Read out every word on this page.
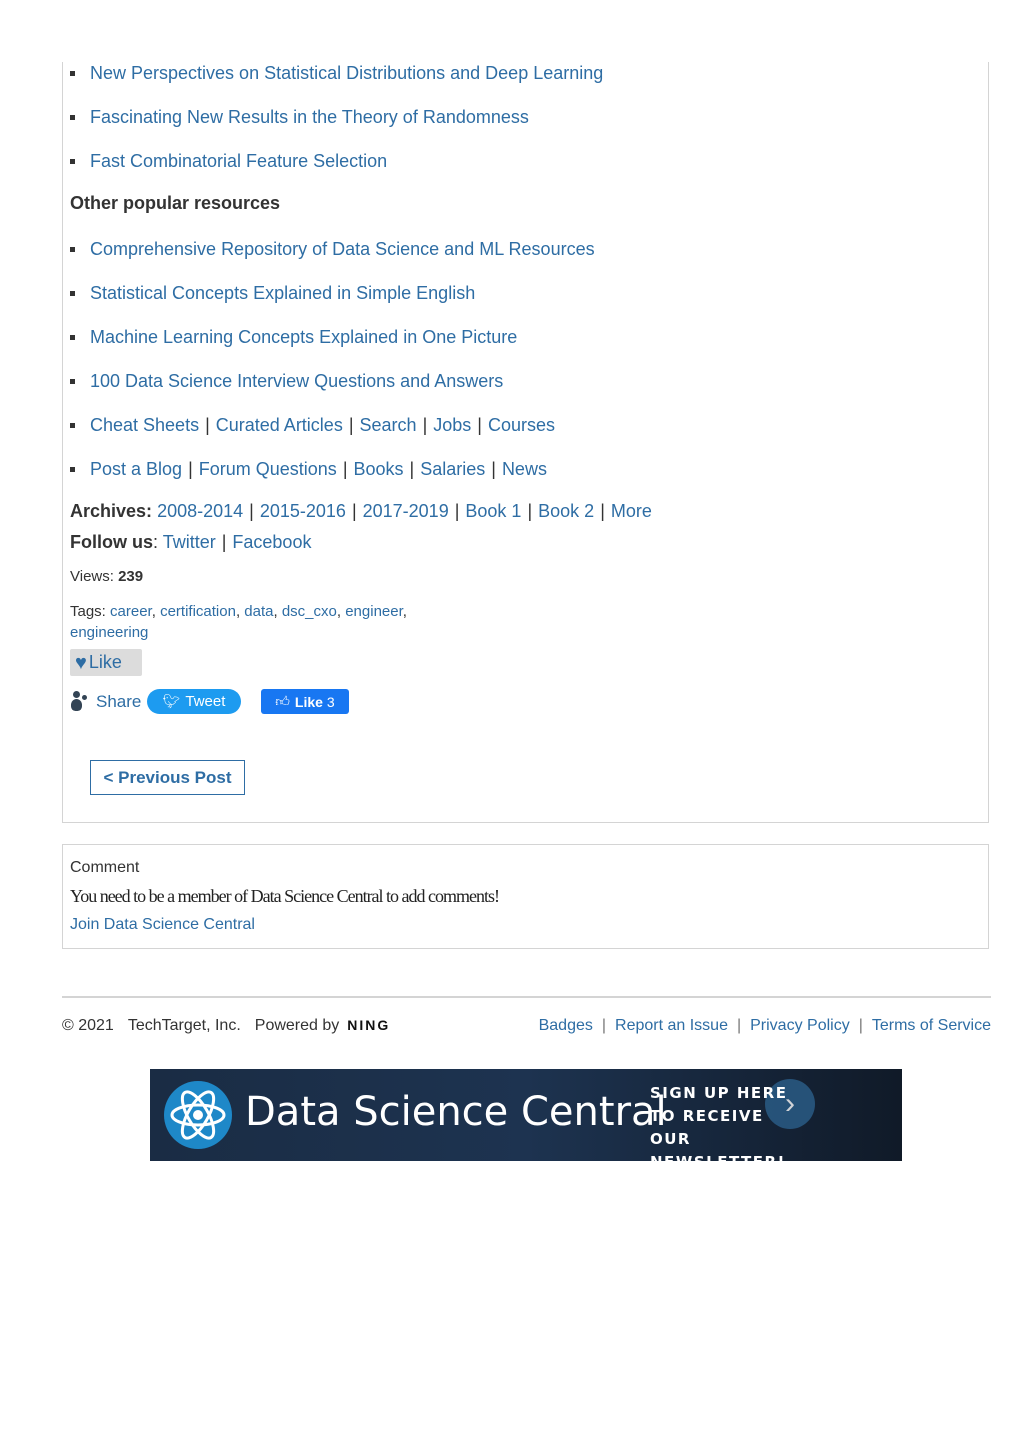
New Perspectives on Statistical Distributions and Deep Learning
Fascinating New Results in the Theory of Randomness
Fast Combinatorial Feature Selection
Other popular resources
Comprehensive Repository of Data Science and ML Resources
Statistical Concepts Explained in Simple English
Machine Learning Concepts Explained in One Picture
100 Data Science Interview Questions and Answers
Cheat Sheets | Curated Articles | Search | Jobs | Courses
Post a Blog | Forum Questions | Books | Salaries | News
Archives: 2008-2014 | 2015-2016 | 2017-2019 | Book 1 | Book 2 | More
Follow us: Twitter | Facebook
Views: 239
Tags: career, certification, data, dsc_cxo, engineer,
engineering
♥ Like
Share 🐦︎ Tweet	👍︎ Like 3
< Previous Post
Comment
You need to be a member of Data Science Central to add comments!
Join Data Science Central
© 2021 TechTarget, Inc. Powered by NING	Badges | Report an Issue | Privacy Policy | Terms of Service
Data Science Central	›
SIGN UP HERE
TO RECEIVE OUR
NEWSLETTER!
